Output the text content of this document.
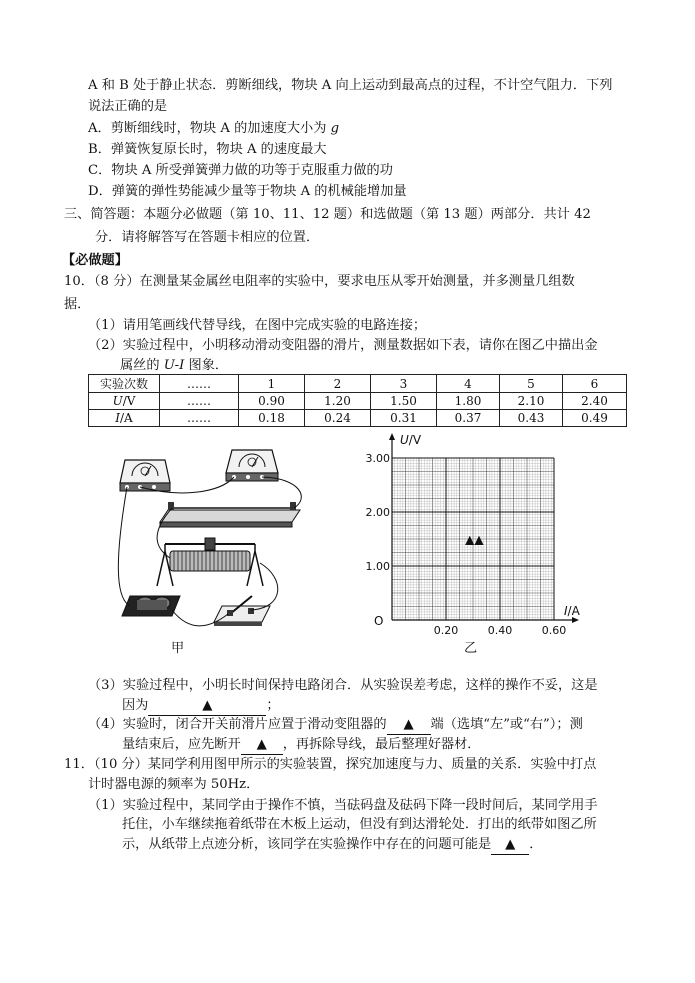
A 和 B 处于静止状态．剪断细线，物块 A 向上运动到最高点的过程，不计空气阻力．下列
说法正确的是
A．剪断细线时，物块 A 的加速度大小为 g
B．弹簧恢复原长时，物块 A 的速度最大
C．物块 A 所受弹簧弹力做的功等于克服重力做的功
D．弹簧的弹性势能减少量等于物块 A 的机械能增加量
三、简答题：本题分必做题（第 10、11、12 题）和选做题（第 13 题）两部分．共计 42
分．请将解答写在答题卡相应的位置．
【必做题】
10．（8 分）在测量某金属丝电阻率的实验中，要求电压从零开始测量，并多测量几组数
据．
（1）请用笔画线代替导线，在图中完成实验的电路连接；
（2）实验过程中，小明移动滑动变阻器的滑片，测量数据如下表，请你在图乙中描出金
属丝的 U-I 图象．
实验次数	……	1	2	3	4	5	6
U/V	……	0.90	1.20	1.50	1.80	2.10	2.40
I/A	……	0.18	0.24	0.31	0.37	0.43	0.49
甲
0.20	0.40	0.60
1.00
2.00
3.00
O
U/V
I/A
▲▲
乙
（3）实验过程中，小明长时间保持电路闭合．从实验误差考虑，这样的操作不妥，这是
因为	▲	；
（4）实验时，闭合开关前滑片应置于滑动变阻器的 ▲ 端（选填“左”或“右”）；测
量结束后，应先断开 ▲ ，再拆除导线，最后整理好器材．
11．（10 分）某同学利用图甲所示的实验装置，探究加速度与力、质量的关系．实验中打点
计时器电源的频率为 50Hz．
（1）实验过程中，某同学由于操作不慎，当砝码盘及砝码下降一段时间后，某同学用手
托住，小车继续拖着纸带在木板上运动，但没有到达滑轮处．打出的纸带如图乙所
示，从纸带上点迹分析，该同学在实验操作中存在的问题可能是 ▲ ．
